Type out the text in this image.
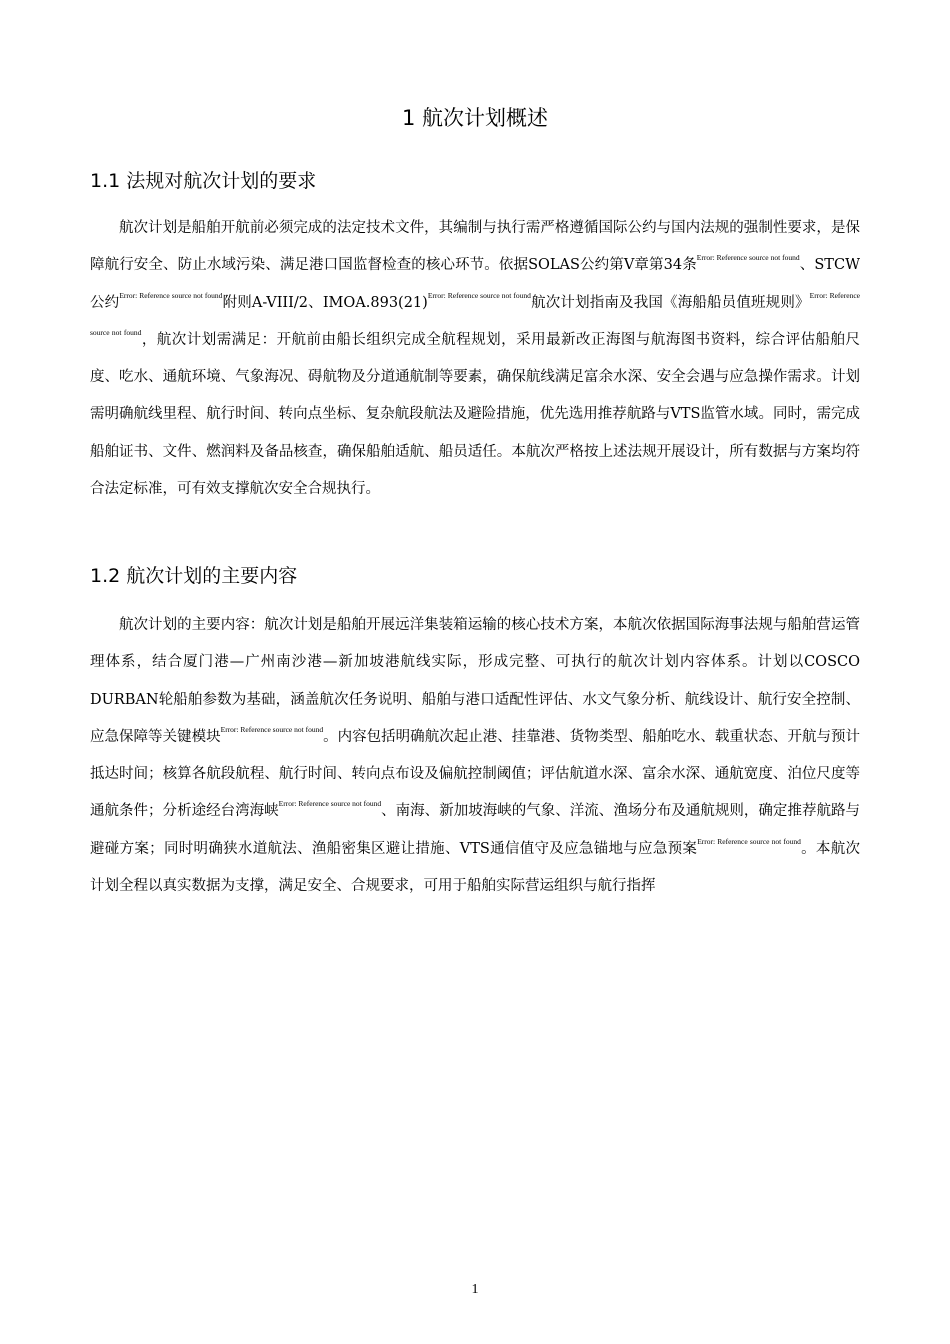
1 航次计划概述
1.1 法规对航次计划的要求

航次计划是船舶开航前必须完成的法定技术文件，其编制与执行需严格遵循国际公约与国内法规的强制性要求，是保障航行安全、防止水域污染、满足港口国监督检查的核心环节。依据SOLAS公约第V章第34条$^{Error: Reference source not found}$、STCW公约$^{Error: Reference source not found}$附则A-VIII/2、$IMOA.893(21)^{Error: Reference source not found}$航次计划指南及我国《海船船员值班规则》$^{Error: Reference source not found}$，航次计划需满足：开航前由船长组织完成全航程规划，采用最新改正海图与航海图书资料，综合评估船舶尺度、吃水、通航环境、气象海况、碍航物及分道通航制等要素，确保航线满足富余水深、安全会遇与应急操作需求。计划需明确航线里程、航行时间、转向点坐标、复杂航段航法及避险措施，优先选用推荐航路与VTS监管水域。同时，需完成船舶证书、文件、燃润料及备品核查，确保船舶适航、船员适任。本航次严格按上述法规开展设计，所有数据与方案均符合法定标准，可有效支撑航次安全合规执行。

1.2 航次计划的主要内容

航次计划的主要内容：航次计划是船舶开展远洋集装箱运输的核心技术方案，本航次依据国际海事法规与船舶营运管理体系，结合厦门港—广州南沙港—新加坡港航线实际，形成完整、可执行的航次计划内容体系。计划以COSCO DURBAN轮船舶参数为基础，涵盖航次任务说明、船舶与港口适配性评估、水文气象分析、航线设计、航行安全控制、应急保障等关键模块$^{Error: Reference source not found}$。内容包括明确航次起止港、挂靠港、货物类型、船舶吃水、载重状态、开航与预计抵达时间；核算各航段航程、航行时间、转向点布设及偏航控制阈值；评估航道水深、富余水深、通航宽度、泊位尺度等通航条件；分析途经台湾海峡$^{Error: Reference source not found}$、南海、新加坡海峡的气象、洋流、渔场分布及通航规则，确定推荐航路与避碰方案；同时明确狭水道航法、渔船密集区避让措施、VTS通信值守及应急锚地与应急预案$^{Error: Reference source not found}$。本航次计划全程以真实数据为支撑，满足安全、合规要求，可用于船舶实际营运组织与航行指挥

1
